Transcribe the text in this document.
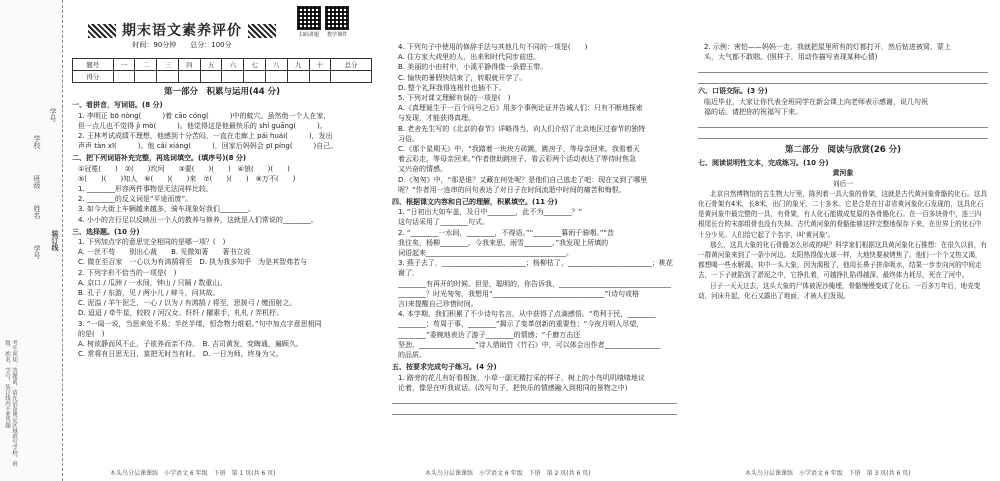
学号
学校
班级
姓名
学号
装订线
考生须知：答题前，请在试卷规定区域填写学校、班级、姓名、学号，装订线内不要答题
扫码讲题	教学课件
期末语文素养评价
时间：90分钟　　总分：100分
题号	一	二	三	四	五	六	七	八	九	十	总分
得分											
第一部分　积累与运用(44 分)
一、看拼音，写词语。(8 分)
1. 李明正 bō nòng(　　　)着 cāo cóng(　　　)中的蚊穴。虽然他一个人在家，
但一点儿也不觉得 jì mò(　　　)。他觉得这是他最快乐的 shí guāng(　　　)。
2. 王林考试成绩不理想，他感到十分苦闷，一直在走廊上 pái huái(　　　)，发出
声声 tàn xī(　　　)。他 cǎi xiáng(　　　)，回家后妈妈会 pī píng(　　　)自己。
二、把下列词语补充完整，再选词填空。(填序号)(8 分)
①冠冕(　　)　②(　　)坎坷　　③要(　　)(　　)　④狼(　　)(　　)
⑤(　　)(　　)知人　⑥(　　)(　　)来　⑦(　　)(　　)　⑧万不(　　)
1. ________形容两件事物是无法同样比较。
2. ________的反义词是“平途而废”。
3. 如今大街上车辆越来越多，骑车现象好我们________。
4. 小小的言行足以反映出一个人的教养与修养，这就是人们常说的________。
三、选择题。(10 分)
1. 下列加点字的意思完全相同的是哪一项？(　)
A. 一丝不苟　　别出心裁　　B. 见微知著　　著书立说
C. 微在至百家　一心以为有鸿鹄将至　D. 执为我多知乎　为是其智弗若与
2. 下列字形不恰当的一项是(　)
A. 京口 / 瓜洲 / 一水间，钟山 / 只隔 / 数重山。
B. 孔子 / 东游，见 / 两小儿 / 辩斗，问其故。
C. 泥溢 / 羊午泥乏，一心 / 以为 / 有鸿鹄 / 将至，思援弓 / 缴而射之。
D. 迢迢 / 牵牛星，皎皎 / 河汉女。纤纤 / 擢素手，札札 / 弄机杼。
3. “一闻一说，当思来处不易；半丝半缕，恒念物力维艰。”句中加点字意思相同
的是(　)
A. 树欲静而风不止，子欲养而亲不待。　B. 吉司黄发，变晦通，遍顾久。
C. 常将有日思无日，莫把无时当有时。　D. 一日为师，终身为父。
木头鸟分层课课练　小学语文 6 年级　下册　第 1 页(共 6 页)
4. 下列句子中使用的修辞手法与其他几句不同的一项是(　　)
A. 住方家大戏里的人，出来和时代同步前进。
B. 美丽的小由村中，小溪平静得像一条碧玉带。
C. 愉快的暑假快结束了，转眼就开学了。
D. 整个礼拜我得连根针也插不下。
5. 下列对课文理解有误的一项是(　)
A.《真理诞生于一百个问号之后》用多个事例论证并告诫人们：只有不断地探索
与发现，才能获得真理。
B. 老舍先生写的《北京的春节》详略得当，向人们介绍了北京地区过春节的独特
习俗。
C.《那个星期天》中，“我踏着一块块方砖跳，跳房子，等母亲回来。我看着天
着云彩走，等母亲回来。”作者借助跳房子、看云彩两个活动表达了等待时焦急
又兴奋的情感。
D.《匆匆》中，“那是谁？又藏在何处呢？是他们自己逃走了吧：现在又到了哪里
呢？”作者用一连串的问句表达了对日子在时间流逝中时间的痛苦和悔恨。
四、根据课文内容和自己的理解，积累填空。(11 分)
1. “日初出大如车盖，及日中________，此不为________？”
这句话采用了________句式。
2. “________一水间，________，不得语。”“________暮雨千骑咽。”“昔
我往矣，杨柳________。今我来思，雨雪________。”我发现上所填的
词语起来________________________________________。
3. 燕子去了，________________________；杨柳枯了，________________________；桃花谢了，
________有再开的时候。但是，聪明的，你告诉我，________________________________
________？时光匆匆，我想用“________________________________”(诗句或格
言)来提醒自己珍惜时间。
4. 本学期，我们积累了不少诗句名言，从中获得了点滴感悟。“苟利于民，________
________；苟周于事，________”揭示了变革创新的重要性；“今夜月明人尽望，
________”委婉地表达了游子________的情感；“千磨万击还
坚劲，________________”诗人借助竹《竹石》中，可以体会出作者________________
的品质。
五、按要求完成句子练习。(4 分)
1. 路旁的花儿有好看极拢，小草一副无精打采的样子，树上的小鸟叽叽喳喳地议
论着，像是在听我说话。(改写句子，把快乐的情感融入到相同的景物之中)
木头鸟分层课课练　小学语文 6 年级　下册　第 2 页(共 6 页)
2. 示例：害怕——妈妈一走，我就把屋里所有的灯都打开，然后钻进被窝，蒙上
头，大气都不敢喘。(照样子，用动作描写表现某种心情)
六、口语交际。(3 分)
临近毕业，大家让你代表全班同学在新会课上向老师表示感谢，说几句祝
福的话。请把你的祝福写下来。
第二部分　阅读与欣赏(26 分)
七、阅读说明性文本，完成练习。(10 分)
黄河象
刘后一
北京自然博物馆的古生物大厅里，陈列着一具大象的骨架，这就是古代黄河象骨骼的化石。这具化石骨架有4米，长8米，出门的象牙，二十多米。它是合是在甘肃省黄河象化石发现的，这具化石是黄河象中最完整的一具，有骨架，有人化石能做成复原的各骨骼化石。在一百多块骨中，连三四根尾长台的末部组骨也没有失掉。古代黄河象的骨骼能够这样完整地保存下来，在世界上的化石中十分少见。人们给它起了个名字，叫‘黄河象’。
那么，这具大象的化石骨骼怎么形成的呢？科学家们根据这具黄河象化石推想：在很久以前，有一群黄河象来到了一条小河边。太阳热得像火球一样，大地快要被烤焦了。他们一个个又热又渴，都想喝一些水解渴。其中一头大象，因为渴极了，他用长鼻子拼命吸水，结果一步步向河的中间走去，一下子就陷到了淤泥之中，它挣扎着，可越挣扎陷得越深，最终体力耗尽，死在了河中。
日子一天天过去，这头大象的尸体被泥沙掩埋，骨骼慢慢变成了化石。一百多万年后，地壳变动，河床升起，化石又露出了地面，才被人们发现。
木头鸟分层课课练　小学语文 6 年级　下册　第 3 页(共 6 页)
